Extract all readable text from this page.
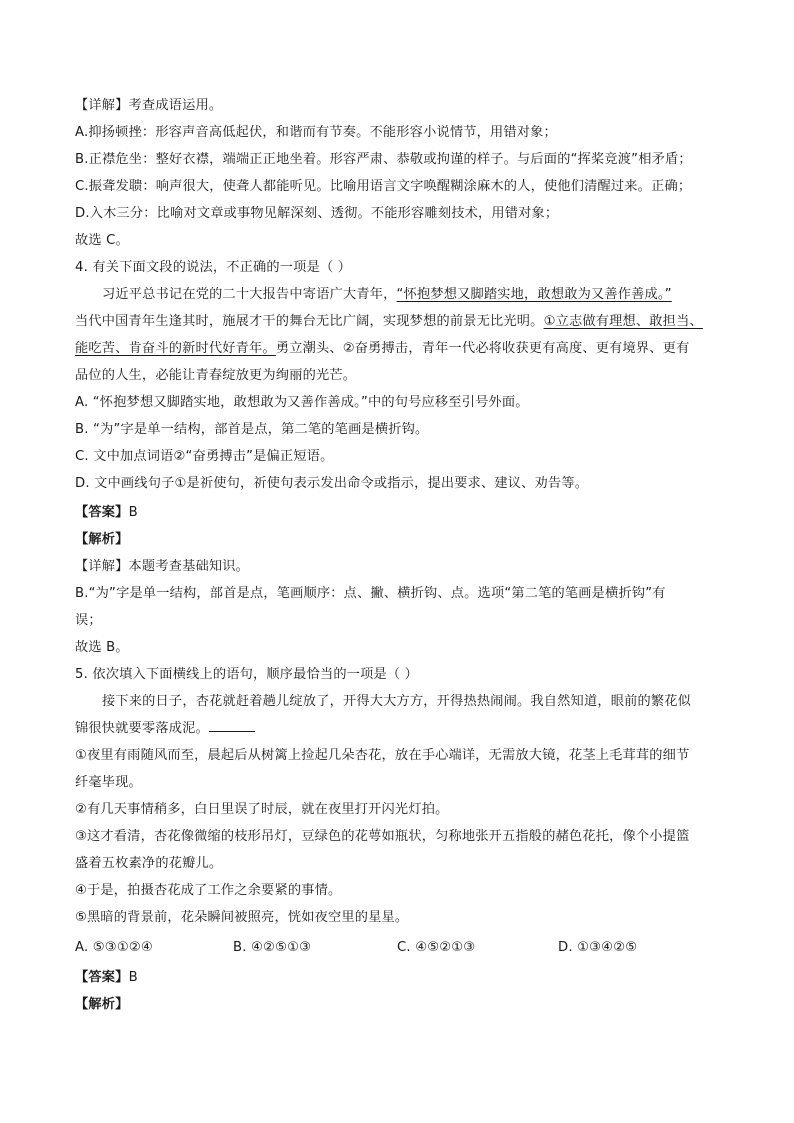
【详解】考查成语运用。
A.抑扬顿挫：形容声音高低起伏，和谐而有节奏。不能形容小说情节，用错对象；
B.正襟危坐：整好衣襟，端端正正地坐着。形容严肃、恭敬或拘谨的样子。与后面的“挥桨竞渡”相矛盾；
C.振聋发聩：响声很大，使聋人都能听见。比喻用语言文字唤醒糊涂麻木的人，使他们清醒过来。正确；
D.入木三分：比喻对文章或事物见解深刻、透彻。不能形容雕刻技术，用错对象；
故选 C。
4. 有关下面文段的说法，不正确的一项是（ ）
习近平总书记在党的二十大报告中寄语广大青年，“怀抱梦想又脚踏实地，敢想敢为又善作善成。”
当代中国青年生逢其时，施展才干的舞台无比广阔，实现梦想的前景无比光明。①立志做有理想、敢担当、
能吃苦、肯奋斗的新时代好青年。勇立潮头、②奋勇搏击，青年一代必将收获更有高度、更有境界、更有
品位的人生，必能让青春绽放更为绚丽的光芒。
A. “怀抱梦想又脚踏实地，敢想敢为又善作善成。”中的句号应移至引号外面。
B. “为”字是单一结构，部首是点，第二笔的笔画是横折钩。
C. 文中加点词语②“奋勇搏击”是偏正短语。
D. 文中画线句子①是祈使句，祈使句表示发出命令或指示，提出要求、建议、劝告等。
【答案】B
【解析】
【详解】本题考查基础知识。
B.“为”字是单一结构，部首是点，笔画顺序：点、撇、横折钩、点。选项“第二笔的笔画是横折钩”有
误；
故选 B。
5. 依次填入下面横线上的语句，顺序最恰当的一项是（ ）
接下来的日子，杏花就赶着趟儿绽放了，开得大大方方，开得热热闹闹。我自然知道，眼前的繁花似
锦很快就要零落成泥。
①夜里有雨随风而至，晨起后从树篱上捡起几朵杏花，放在手心端详，无需放大镜，花茎上毛茸茸的细节
纤毫毕现。
②有几天事情稍多，白日里误了时辰，就在夜里打开闪光灯拍。
③这才看清，杏花像微缩的枝形吊灯，豆绿色的花萼如瓶状，匀称地张开五指般的赭色花托，像个小提篮
盛着五枚素净的花瓣儿。
④于是，拍摄杏花成了工作之余要紧的事情。
⑤黑暗的背景前，花朵瞬间被照亮，恍如夜空里的星星。
A. ⑤③①②④	B. ④②⑤①③	C. ④⑤②①③	D. ①③④②⑤
【答案】B
【解析】
